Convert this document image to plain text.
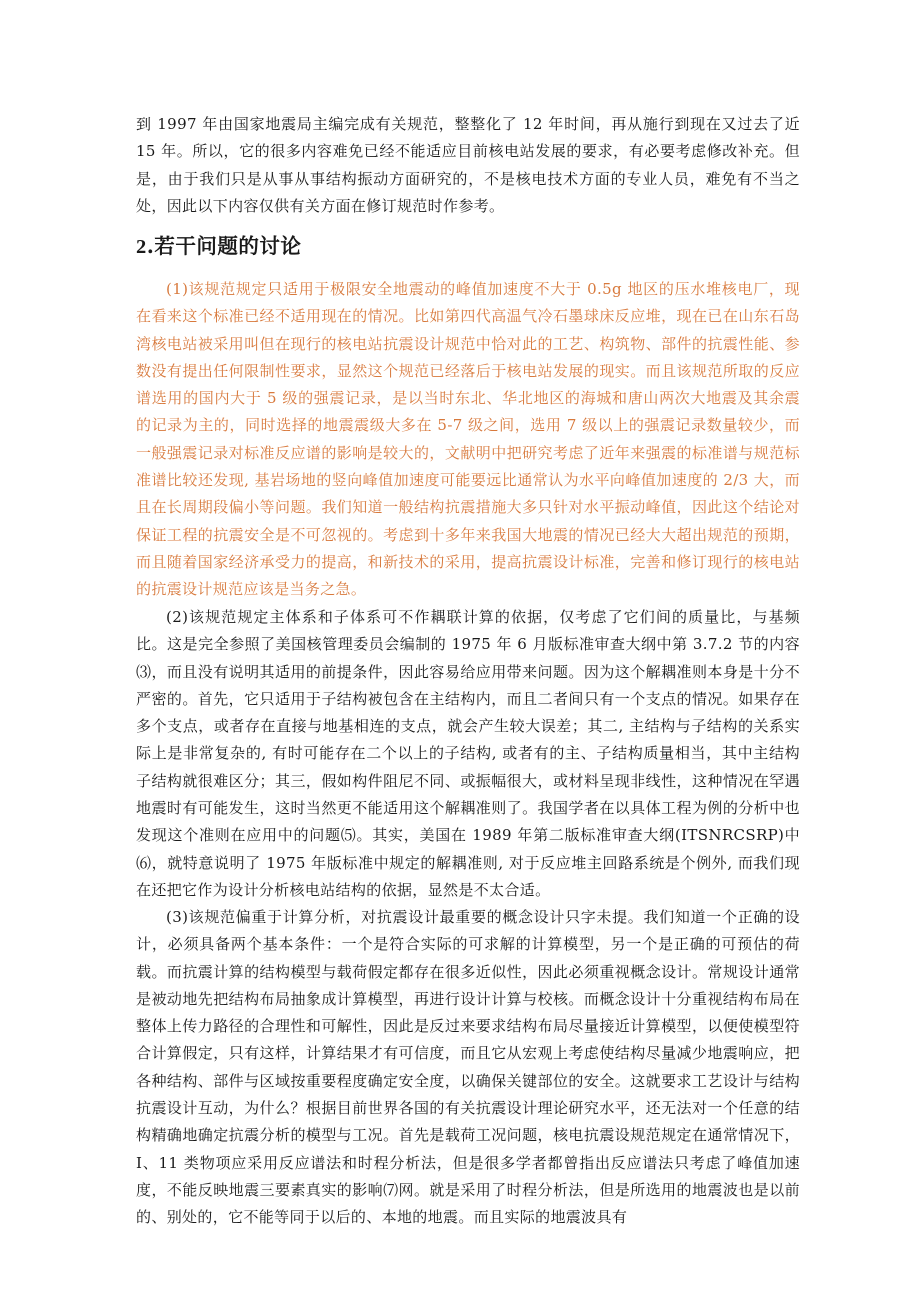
到 1997 年由国家地震局主编完成有关规范，整整化了 12 年时间，再从施行到现在又过去了近 15 年。所以，它的很多内容难免已经不能适应目前核电站发展的要求，有必要考虑修改补充。但是，由于我们只是从事从事结构振动方面研究的，不是核电技术方面的专业人员，难免有不当之处，因此以下内容仅供有关方面在修订规范时作参考。

2.若干问题的讨论

(1)该规范规定只适用于极限安全地震动的峰值加速度不大于 0.5g 地区的压水堆核电厂，现在看来这个标准已经不适用现在的情况。比如第四代高温气冷石墨球床反应堆，现在已在山东石岛湾核电站被采用叫但在现行的核电站抗震设计规范中恰对此的工艺、构筑物、部件的抗震性能、参数没有提出任何限制性要求，显然这个规范已经落后于核电站发展的现实。而且该规范所取的反应谱选用的国内大于 5 级的强震记录，是以当时东北、华北地区的海城和唐山两次大地震及其余震的记录为主的，同时选择的地震震级大多在 5-7 级之间，选用 7 级以上的强震记录数量较少，而一般强震记录对标准反应谱的影响是较大的，文献明中把研究考虑了近年来强震的标准谱与规范标准谱比较还发现, 基岩场地的竖向峰值加速度可能要远比通常认为水平向峰值加速度的 2/3 大，而且在长周期段偏小等问题。我们知道一般结构抗震措施大多只针对水平振动峰值，因此这个结论对保证工程的抗震安全是不可忽视的。考虑到十多年来我国大地震的情况已经大大超出规范的预期，而且随着国家经济承受力的提高，和新技术的采用，提高抗震设计标准，完善和修订现行的核电站的抗震设计规范应该是当务之急。

(2)该规范规定主体系和子体系可不作耦联计算的依据，仅考虑了它们间的质量比，与基频比。这是完全参照了美国核管理委员会编制的 1975 年 6 月版标准审查大纲中第 3.7.2 节的内容⑶，而且没有说明其适用的前提条件，因此容易给应用带来问题。因为这个解耦准则本身是十分不严密的。首先，它只适用于子结构被包含在主结构内，而且二者间只有一个支点的情况。如果存在多个支点，或者存在直接与地基相连的支点，就会产生较大误差；其二, 主结构与子结构的关系实际上是非常复杂的, 有时可能存在二个以上的子结构, 或者有的主、子结构质量相当，其中主结构子结构就很难区分；其三，假如构件阻尼不同、或振幅很大，或材料呈现非线性，这种情况在罕遇地震时有可能发生，这时当然更不能适用这个解耦准则了。我国学者在以具体工程为例的分析中也发现这个准则在应用中的问题⑸。其实，美国在 1989 年第二版标准审查大纲(ITSNRCSRP)中⑹，就特意说明了 1975 年版标准中规定的解耦准则, 对于反应堆主回路系统是个例外, 而我们现在还把它作为设计分析核电站结构的依据，显然是不太合适。

(3)该规范偏重于计算分析，对抗震设计最重要的概念设计只字未提。我们知道一个正确的设计，必须具备两个基本条件：一个是符合实际的可求解的计算模型，另一个是正确的可预估的荷载。而抗震计算的结构模型与载荷假定都存在很多近似性，因此必须重视概念设计。常规设计通常是被动地先把结构布局抽象成计算模型，再进行设计计算与校核。而概念设计十分重视结构布局在整体上传力路径的合理性和可解性，因此是反过来要求结构布局尽量接近计算模型，以便使模型符合计算假定，只有这样，计算结果才有可信度，而且它从宏观上考虑使结构尽量减少地震响应，把各种结构、部件与区域按重要程度确定安全度，以确保关键部位的安全。这就要求工艺设计与结构抗震设计互动，为什么？根据目前世界各国的有关抗震设计理论研究水平，还无法对一个任意的结构精确地确定抗震分析的模型与工况。首先是载荷工况问题，核电抗震设规范规定在通常情况下，I、11 类物项应采用反应谱法和时程分析法，但是很多学者都曾指出反应谱法只考虑了峰值加速度，不能反映地震三要素真实的影响⑺网。就是采用了时程分析法，但是所选用的地震波也是以前的、别处的，它不能等同于以后的、本地的地震。而且实际的地震波具有
